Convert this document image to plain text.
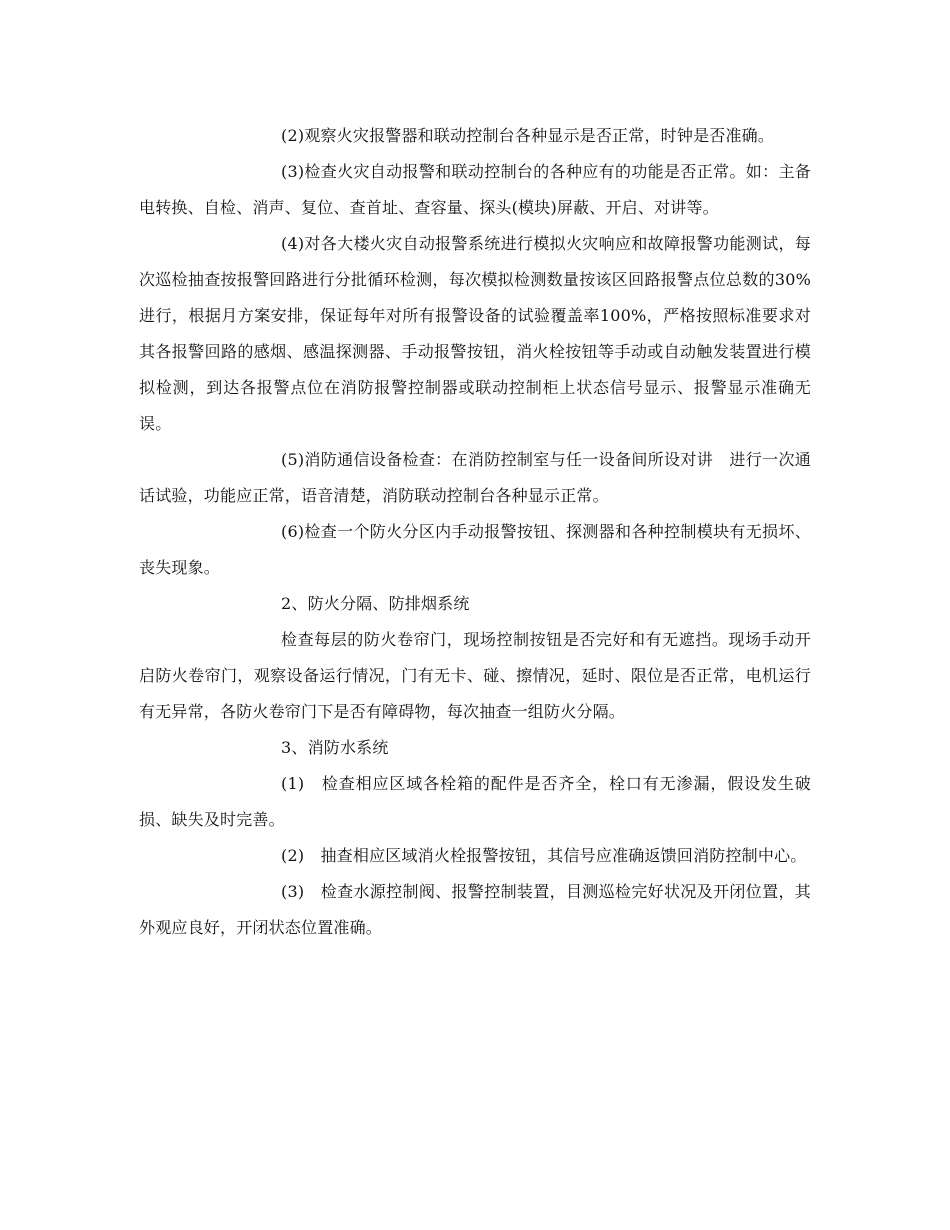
(2)观察火灾报警器和联动控制台各种显示是否正常，时钟是否准确。

(3)检查火灾自动报警和联动控制台的各种应有的功能是否正常。如：主备电转换、自检、消声、复位、查首址、查容量、探头(模块)屏蔽、开启、对讲等。

(4)对各大楼火灾自动报警系统进行模拟火灾响应和故障报警功能测试，每次巡检抽查按报警回路进行分批循环检测，每次模拟检测数量按该区回路报警点位总数的30%进行，根据月方案安排，保证每年对所有报警设备的试验覆盖率100%，严格按照标准要求对其各报警回路的感烟、感温探测器、手动报警按钮，消火栓按钮等手动或自动触发装置进行模拟检测，到达各报警点位在消防报警控制器或联动控制柜上状态信号显示、报警显示准确无误。

(5)消防通信设备检查：在消防控制室与任一设备间所设对讲　进行一次通话试验，功能应正常，语音清楚，消防联动控制台各种显示正常。

(6)检查一个防火分区内手动报警按钮、探测器和各种控制模块有无损坏、丧失现象。

2、防火分隔、防排烟系统

检查每层的防火卷帘门，现场控制按钮是否完好和有无遮挡。现场手动开启防火卷帘门，观察设备运行情况，门有无卡、碰、擦情况，延时、限位是否正常，电机运行有无异常，各防火卷帘门下是否有障碍物，每次抽查一组防火分隔。

3、消防水系统

(1)　检查相应区域各栓箱的配件是否齐全，栓口有无渗漏，假设发生破损、缺失及时完善。

(2)　抽查相应区域消火栓报警按钮，其信号应准确返馈回消防控制中心。

(3)　检查水源控制阀、报警控制装置，目测巡检完好状况及开闭位置，其外观应良好，开闭状态位置准确。
